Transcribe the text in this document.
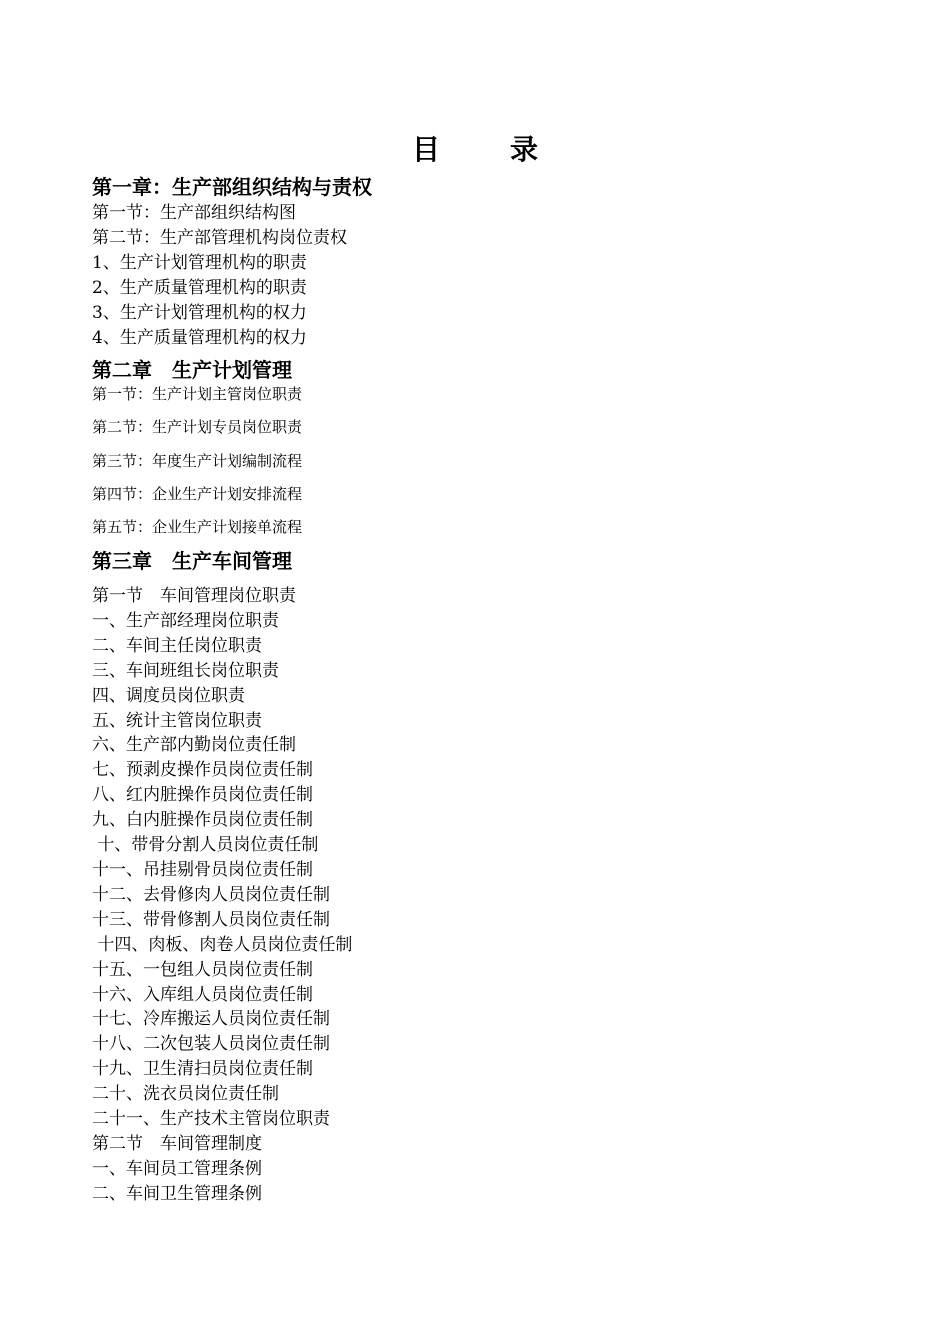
目	录
第一章：生产部组织结构与责权
第一节：生产部组织结构图
第二节：生产部管理机构岗位责权
1、生产计划管理机构的职责
2、生产质量管理机构的职责
3、生产计划管理机构的权力
4、生产质量管理机构的权力
第二章　生产计划管理
第一节：生产计划主管岗位职责
第二节：生产计划专员岗位职责
第三节：年度生产计划编制流程
第四节：企业生产计划安排流程
第五节：企业生产计划接单流程
第三章　生产车间管理
第一节　车间管理岗位职责
一、生产部经理岗位职责
二、车间主任岗位职责
三、车间班组长岗位职责
四、调度员岗位职责
五、统计主管岗位职责
六、生产部内勤岗位责任制
七、预剥皮操作员岗位责任制
八、红内脏操作员岗位责任制
九、白内脏操作员岗位责任制
十、带骨分割人员岗位责任制
十一、吊挂剔骨员岗位责任制
十二、去骨修肉人员岗位责任制
十三、带骨修割人员岗位责任制
十四、肉板、肉卷人员岗位责任制
十五、一包组人员岗位责任制
十六、入库组人员岗位责任制
十七、冷库搬运人员岗位责任制
十八、二次包装人员岗位责任制
十九、卫生清扫员岗位责任制
二十、洗衣员岗位责任制
二十一、生产技术主管岗位职责
第二节　车间管理制度
一、车间员工管理条例
二、车间卫生管理条例
